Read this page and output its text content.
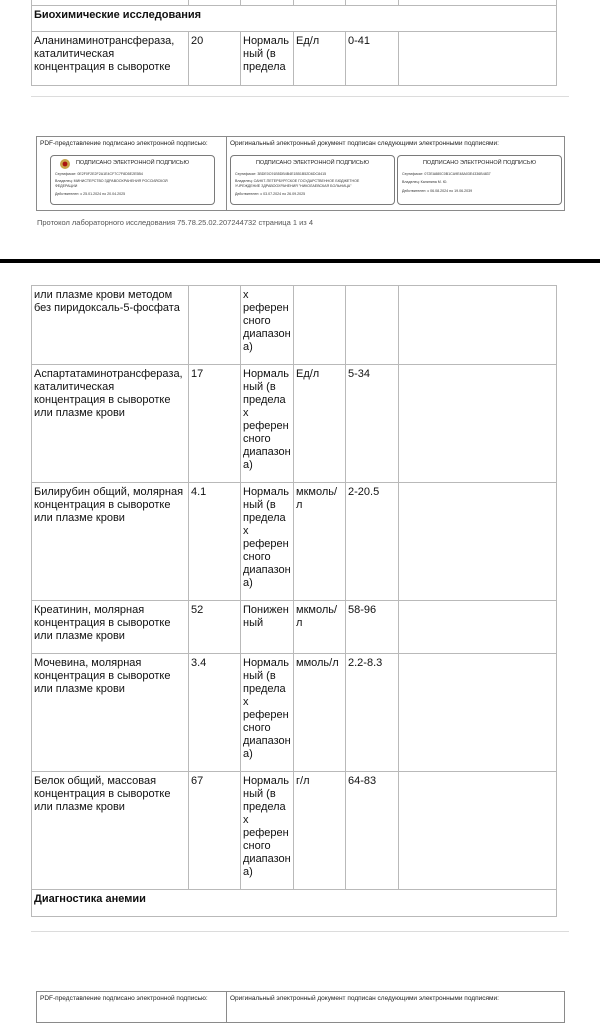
Биохимические исследования					
Аланинаминотрансфераза, каталитическая концентрация в сыворотке	20	Нормальный (в предела	Ед/л	0-41	
PDF-представление подписано электронной подписью:
ПОДПИСАНО ЭЛЕКТРОННОЙ ПОДПИСЬЮ
Сертификат: 0E2F0F2E2F2A1E4CF7C7F8D5E2E5B4
Владелец: МИНИСТЕРСТВО ЗДРАВООХРАНЕНИЯ РОССИЙСКОЙ
ФЕДЕРАЦИИ
Действителен: с 25.01.2024 по 20.04.2025
Оригинальный электронный документ подписан следующими электронными подписями:
ПОДПИСАНО ЭЛЕКТРОННОЙ ПОДПИСЬЮ
Сертификат: 3BDE0C91B5DB4B4E1B51B52D6DC8415
Владелец: САНКТ-ПЕТЕРБУРГСКОЕ ГОСУДАРСТВЕННОЕ БЮДЖЕТНОЕ
УЧРЕЖДЕНИЕ ЗДРАВООХРАНЕНИЯ "НИКОЛАЕВСКАЯ БОЛЬНИЦА"
Действителен: с 03.07.2024 по 26.09.2025
ПОДПИСАНО ЭЛЕКТРОННОЙ ПОДПИСЬЮ
Сертификат: 072EA880C0B1CA9E48A03E4336B4837
Владелец: Калинина М. Ю.
Действителен: с 06.08.2024 по 19.06.2039
Протокол лабораторного исследования 75.78.25.02.207244732 страница 1 из 4
или плазме крови методом без пиридоксаль-5-фосфата		х референсного диапазона)			
Аспартатаминотрансфераза, каталитическая концентрация в сыворотке или плазме крови	17	Нормальный (в пределах референсного диапазона)	Ед/л	5-34	
Билирубин общий, молярная концентрация в сыворотке или плазме крови	4.1	Нормальный (в пределах референсного диапазона)	мкмоль/л	2-20.5	
Креатинин, молярная концентрация в сыворотке или плазме крови	52	Пониженный	мкмоль/л	58-96	
Мочевина, молярная концентрация в сыворотке или плазме крови	3.4	Нормальный (в пределах референсного диапазона)	ммоль/л	2.2-8.3	
Белок общий, массовая концентрация в сыворотке или плазме крови	67	Нормальный (в пределах референсного диапазона)	г/л	64-83	
Диагностика анемии					
PDF-представление подписано электронной подписью:	Оригинальный электронный документ подписан следующими электронными подписями:
